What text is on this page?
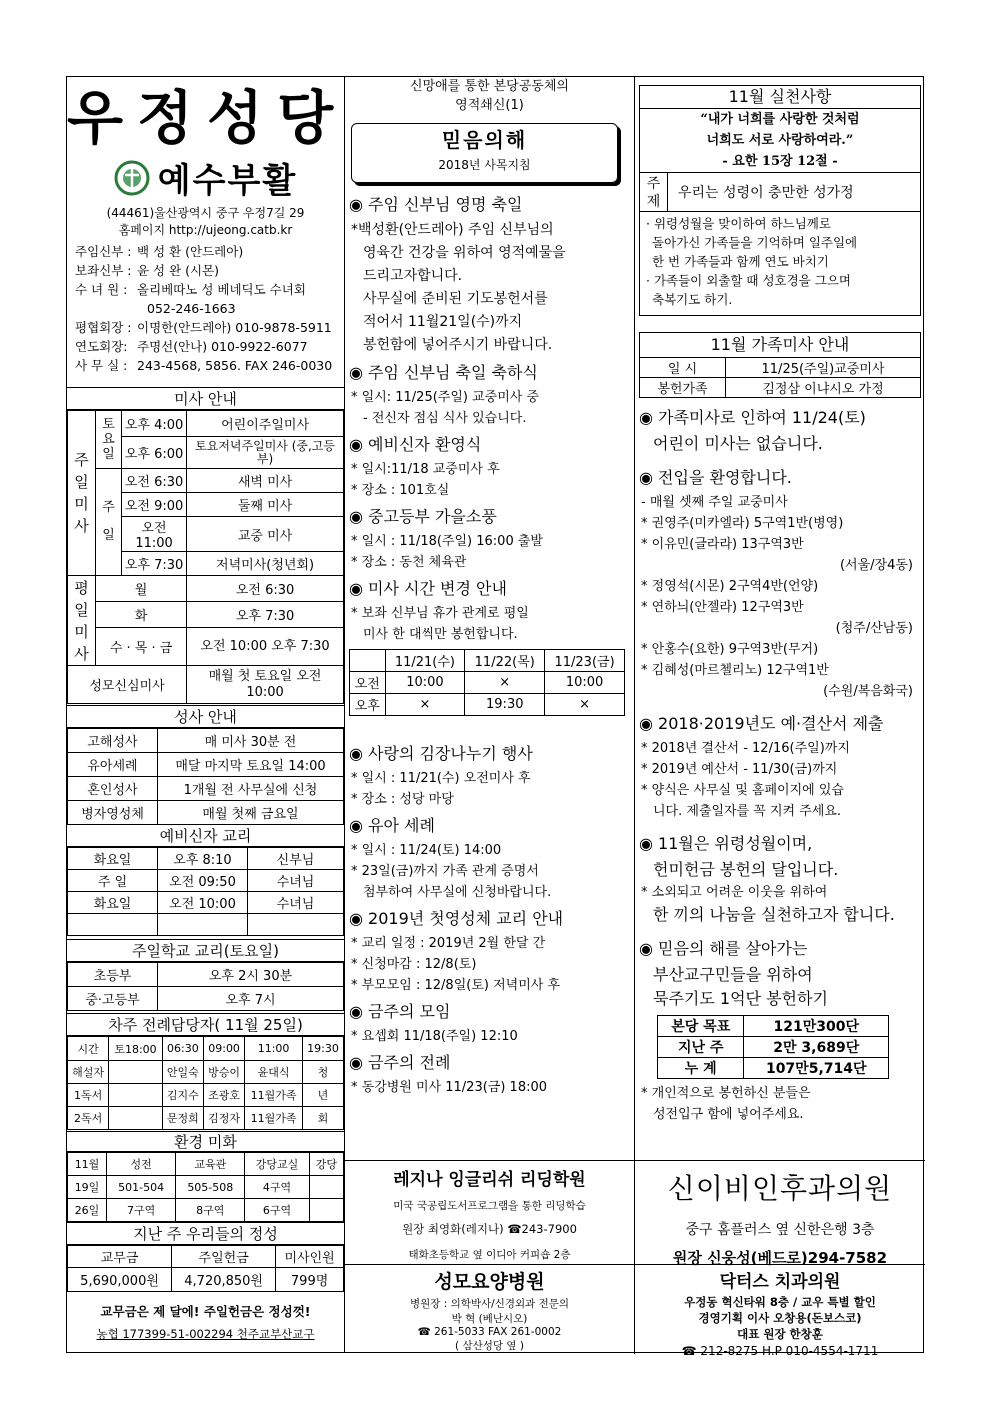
우정성당
예수부활
(44461)울산광역시 중구 우정7길 29
홈페이지 http://ujeong.catb.kr
주임신부 : 백 성 환 (안드레아)
보좌신부 : 윤 성 완 (시몬)
수 녀 원 : 올리베따노 성 베네딕도 수녀회
052-246-1663
평협회장 : 이명한(안드레아) 010-9878-5911
연도회장: 주명선(안나) 010-9922-6077
사 무 실 : 243-4568, 5856. FAX 246-0030
미사 안내
주일미사	토요일	오후 4:00	어린이주일미사
		오후 6:00	토요저녁주일미사 (중,고등부)
	주일	오전 6:30	새벽 미사
		오전 9:00	둘째 미사
		오전11:00	교중 미사
		오후 7:30	저녁미사(청년회)
평일미사	월		오전 6:30
	화		오후 7:30
	수 · 목 · 금		오전 10:00 오후 7:30
성모신심미사			매월 첫 토요일 오전 10:00
성사 안내
고해성사	매 미사 30분 전
유아세례	매달 마지막 토요일 14:00
혼인성사	1개월 전 사무실에 신청
병자영성체	매월 첫째 금요일
예비신자 교리
화요일	오후 8:10	신부님
주 일	오전 09:50	수녀님
화요일	오전 10:00	수녀님

주일학교 교리(토요일)
초등부	오후 2시 30분
중·고등부	오후 7시
차주 전례담당자( 11월 25일)
시간	토18:00	06:30	09:00	11:00	19:30
해설자		안일숙	방승이	윤대식	청
1독서		김지수	조광호	11월가족	년
2독서		문정희	김정자	11월가족	회
환경 미화
11월	성전	교육관	강당교실	강당
19일	501-504	505-508	4구역	
26일	7구역	8구역	6구역	
지난 주 우리들의 정성
교무금	주일헌금	미사인원
5,690,000원	4,720,850원	799명
교무금은 제 달에! 주일헌금은 정성껏!
농협 177399-51-002294 천주교부산교구
신망애를 통한 본당공동체의
영적쇄신(1)
믿음의해
2018년 사목지침
◉ 주임 신부님 영명 축일
*백성환(안드레아) 주임 신부님의
영육간 건강을 위하여 영적예물을
드리고자합니다.
사무실에 준비된 기도봉헌서를
적어서 11월21일(수)까지
봉헌함에 넣어주시기 바랍니다.
◉ 주임 신부님 축일 축하식
* 일시: 11/25(주일) 교중미사 중
- 전신자 점심 식사 있습니다.
◉ 예비신자 환영식
* 일시:11/18 교중미사 후
* 장소 : 101호실
◉ 중고등부 가을소풍
* 일시 : 11/18(주일) 16:00 출발
* 장소 : 동천 체육관
◉ 미사 시간 변경 안내
* 보좌 신부님 휴가 관계로 평일
미사 한 대씩만 봉헌합니다.
	11/21(수)	11/22(목)	11/23(금)
오전	10:00	×	10:00
오후	×	19:30	×
◉ 사랑의 김장나누기 행사
* 일시 : 11/21(수) 오전미사 후
* 장소 : 성당 마당
◉ 유아 세례
* 일시 : 11/24(토) 14:00
* 23일(금)까지 가족 관계 증명서
첨부하여 사무실에 신청바랍니다.
◉ 2019년 첫영성체 교리 안내
* 교리 일정 : 2019년 2월 한달 간
* 신청마감 : 12/8(토)
* 부모모임 : 12/8일(토) 저녁미사 후
◉ 금주의 모임
* 요셉회 11/18(주일) 12:10
◉ 금주의 전례
* 동강병원 미사 11/23(금) 18:00
11월 실천사항
“내가 너희를 사랑한 것처럼
너희도 서로 사랑하여라.”
- 요한 15장 12절 -
주제
우리는 성령이 충만한 성가정
· 위령성월을 맞이하여 하느님께로
돌아가신 가족들을 기억하며 일주일에
한 번 가족들과 함께 연도 바치기
· 가족들이 외출할 때 성호경을 그으며
축복기도 하기.
11월 가족미사 안내
일 시	11/25(주일)교중미사
봉헌가족	김정삼 이냐시오 가정
◉ 가족미사로 인하여 11/24(토)
어린이 미사는 없습니다.
◉ 전입을 환영합니다.
- 매월 셋째 주일 교중미사
* 권영주(미카엘라) 5구역1반(병영)
* 이유민(글라라) 13구역3반
(서울/장4동)
* 정영석(시몬) 2구역4반(언양)
* 연하늬(안젤라) 12구역3반
(청주/산남동)
* 안홍수(요한) 9구역3반(무거)
* 김혜성(마르첼리노) 12구역1반
(수원/복음화국)
◉ 2018·2019년도 예·결산서 제출
* 2018년 결산서 - 12/16(주일)까지
* 2019년 예산서 - 11/30(금)까지
* 양식은 사무실 및 홈페이지에 있습
니다. 제출일자를 꼭 지켜 주세요.
◉ 11월은 위령성월이며,
헌미헌금 봉헌의 달입니다.
* 소외되고 어려운 이웃을 위하여
한 끼의 나눔을 실천하고자 합니다.
◉ 믿음의 해를 살아가는
부산교구민들을 위하여
묵주기도 1억단 봉헌하기
본당 목표	121만300단
지난 주	2만 3,689단
누 계	107만5,714단
* 개인적으로 봉헌하신 분들은
성전입구 함에 넣어주세요.
레지나 잉글리쉬 리딩학원
미국 국공립도서프로그램을 통한 리딩학습
원장 최영화(레지나) ☎243-7900
태화초등학교 옆 이디아 커피숍 2층
신이비인후과의원
중구 홈플러스 옆 신한은행 3층
원장 신웅성(베드로)294-7582
성모요양병원
병원장 : 의학박사/신경외과 전문의
박 혁 (베난시오)
☎ 261-5033 FAX 261-0002
( 삼산성당 옆 )
닥터스 치과의원
우정동 혁신타워 8층 / 교우 특별 할인
경영기획 이사 오창용(돈보스코)
대표 원장 한창훈
☎ 212-8275 H.P 010-4554-1711
